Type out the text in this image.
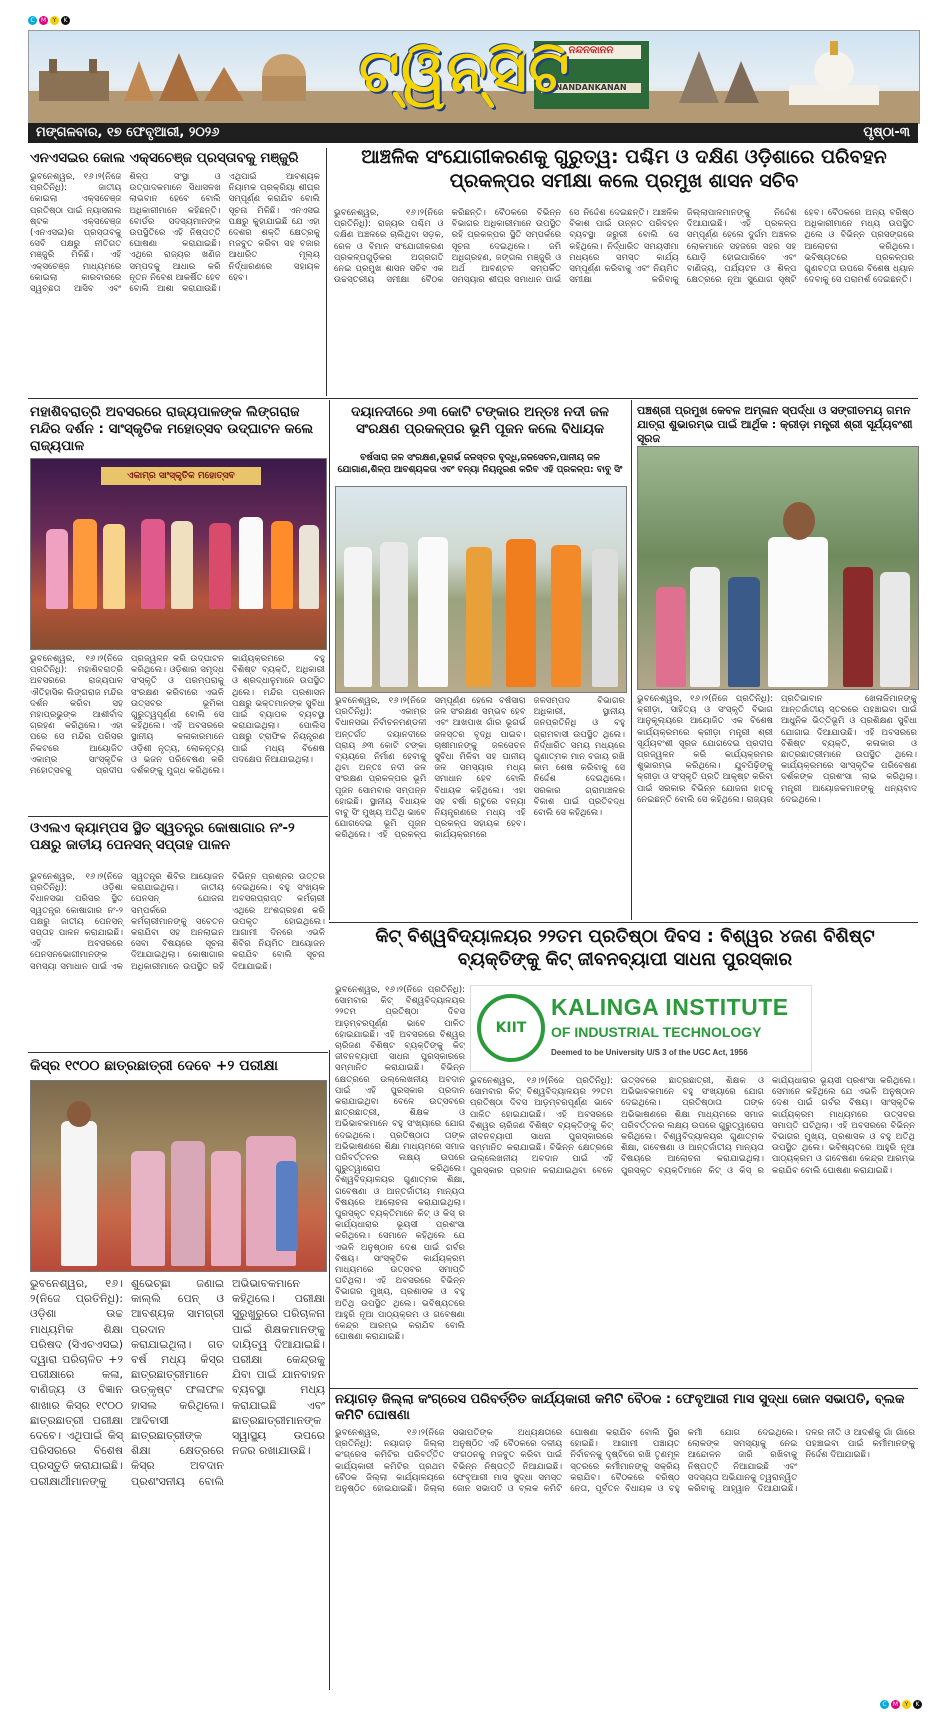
C	M	Y	K
C	M	Y	K
ଟ୍ୱିନ୍‌ସିଟି
ନନ୍ଦନକାନନ
NANDANKANAN
ମଙ୍ଗଳବାର, ୧୭ ଫେବୃଆରୀ, ୨୦୨୬	ପୃଷ୍ଠା-୩
ଏନଏସଇର କୋଲ ଏକ୍ସଚେଞ୍ଜ ପ୍ରସ୍ତାବକୁ ମଞ୍ଜୁରି
ଭୁବନେଶ୍ୱର, ୧୬।୨(ନିଜେ ପ୍ରତିନିଧି): ଜାତୀୟ କୋଇଲା ଏକ୍ସଚେଞ୍ଜ ପ୍ରତିଷ୍ଠା ପାଇଁ ନ୍ୟାସନାଲ ଷ୍ଟକ ଏକ୍ସଚେଞ୍ଜ (ଏନଏସଇ)ର ପ୍ରସ୍ତାବକୁ ସେବି ପକ୍ଷରୁ ନୀତିଗତ ମଞ୍ଜୁରି ମିଳିଛି। ଏହି ଏକ୍ସଚେଞ୍ଜ ମାଧ୍ୟମରେ କୋଇଲା କାରବାରରେ ସ୍ୱଚ୍ଛତା ଆସିବ ଏବଂ ଶିଳ୍ପ ସଂସ୍ଥା ଓ ଉତ୍ପାଦକମାନେ ସିଧାସଳଖ ଲାଭବାନ ହେବେ ବୋଲି ଅଧିକାରୀମାନେ କହିଛନ୍ତି। ବୋର୍ଡର ସଦସ୍ୟମାନଙ୍କ ଉପସ୍ଥିତିରେ ଏହି ନିଷ୍ପତ୍ତି ଘୋଷଣା କରାଯାଇଛି। ଏଥିରେ ରାଜ୍ୟର ଖଣିଜ ସମ୍ପଦକୁ ଆଧାର କରି ନୂତନ ନିବେଶ ଆକର୍ଷିତ ହେବ ବୋଲି ଆଶା କରାଯାଉଛି। ଏଥିପାଇଁ ଆବଶ୍ୟକ ନିୟାମକ ପ୍ରକ୍ରିୟା ଶୀଘ୍ର ସମ୍ପୂର୍ଣ୍ଣ କରାଯିବ ବୋଲି ସୂଚନା ମିଳିଛି। ଏନଏସଇ ପକ୍ଷରୁ କୁହାଯାଇଛି ଯେ ଏହା ଦେଶର ଶକ୍ତି କ୍ଷେତ୍ରକୁ ମଜବୁତ କରିବା ସହ ବଜାର ଆଧାରିତ ମୂଲ୍ୟ ନିର୍ଦ୍ଧାରଣରେ ସହାୟକ ହେବ।
ଆଞ୍ଚଳିକ ସଂଯୋଗୀକରଣକୁ ଗୁରୁତ୍ୱ: ପଶ୍ଚିମ ଓ ଦକ୍ଷିଣ ଓଡ଼ିଶାରେ ପରିବହନ ପ୍ରକଳ୍ପର ସମୀକ୍ଷା କଲେ ପ୍ରମୁଖ ଶାସନ ସଚିବ
ଭୁବନେଶ୍ୱର, ୧୬।୨(ନିଜେ ପ୍ରତିନିଧି): ରାଜ୍ୟର ପଶ୍ଚିମ ଓ ଦକ୍ଷିଣ ଅଞ୍ଚଳରେ ଚାଲିଥିବା ସଡ଼କ, ରେଳ ଓ ବିମାନ ସଂଯୋଗୀକରଣ ପ୍ରକଳ୍ପଗୁଡ଼ିକର ଅଗ୍ରଗତି ନେଇ ପ୍ରମୁଖ ଶାସନ ସଚିବ ଏକ ଉଚ୍ଚସ୍ତରୀୟ ସମୀକ୍ଷା ବୈଠକ କରିଛନ୍ତି। ବୈଠକରେ ବିଭିନ୍ନ ବିଭାଗର ଅଧିକାରୀମାନେ ଉପସ୍ଥିତ ରହି ପ୍ରକଳ୍ପର ସ୍ଥିତି ସମ୍ପର୍କରେ ସୂଚନା ଦେଇଥିଲେ। ଜମି ଅଧିଗ୍ରହଣ, ଜଙ୍ଗଲ ମଞ୍ଜୁରି ଓ ଅର୍ଥ ଆବଣ୍ଟନ ସମ୍ପର୍କିତ ସମସ୍ୟାର ଶୀଘ୍ର ସମାଧାନ ପାଇଁ ସେ ନିର୍ଦ୍ଦେଶ ଦେଇଛନ୍ତି। ଆଞ୍ଚଳିକ ବିକାଶ ପାଇଁ ଉନ୍ନତ ପରିବହନ ବ୍ୟବସ୍ଥା ଜରୁରୀ ବୋଲି ସେ କହିଥିଲେ। ନିର୍ଦ୍ଧାରିତ ସମୟସୀମା ମଧ୍ୟରେ ସମସ୍ତ କାର୍ଯ୍ୟ ସମ୍ପୂର୍ଣ୍ଣ କରିବାକୁ ଏବଂ ନିୟମିତ ସମୀକ୍ଷା କରିବାକୁ ଜିଲ୍ଲାପାଳମାନଙ୍କୁ ନିର୍ଦ୍ଦେଶ ଦିଆଯାଇଛି। ଏହି ପ୍ରକଳ୍ପ ସମ୍ପୂର୍ଣ୍ଣ ହେଲେ ଦୁର୍ଗମ ଅଞ୍ଚଳର ଲୋକମାନେ ସହଜରେ ସହର ସହ ଯୋଡ଼ି ହୋଇପାରିବେ ଏବଂ ବାଣିଜ୍ୟ, ପର୍ଯ୍ୟଟନ ଓ ଶିଳ୍ପ କ୍ଷେତ୍ରରେ ନୂଆ ସୁଯୋଗ ସୃଷ୍ଟି ହେବ। ବୈଠକରେ ଅନ୍ୟ ବରିଷ୍ଠ ଅଧିକାରୀମାନେ ମଧ୍ୟ ଉପସ୍ଥିତ ଥିଲେ ଓ ବିଭିନ୍ନ ପ୍ରସଙ୍ଗରେ ଆଲୋଚନା କରିଥିଲେ। ଭବିଷ୍ୟତରେ ପ୍ରକଳ୍ପର ଗୁଣବତ୍ତା ଉପରେ ବିଶେଷ ଧ୍ୟାନ ଦେବାକୁ ସେ ପରାମର୍ଶ ଦେଇଛନ୍ତି।
ମହାଶିବରାତ୍ରି ଅବସରରେ ରାଜ୍ୟପାଳଙ୍କ ଲିଙ୍ଗରାଜ ମନ୍ଦିର ଦର୍ଶନ : ସାଂସ୍କୃତିକ ମହୋତ୍ସବ ଉଦ୍‌ଘାଟନ କଲେ ରାଜ୍ୟପାଳ
ଏକାମ୍ର ସାଂସ୍କୃତିକ ମହୋତ୍ସବ
ଭୁବନେଶ୍ୱର, ୧୬।୨(ନିଜେ ପ୍ରତିନିଧି): ମହାଶିବରାତ୍ରି ଅବସରରେ ରାଜ୍ୟପାଳ ଐତିହାସିକ ଲିଙ୍ଗରାଜ ମନ୍ଦିର ଦର୍ଶନ କରିବା ସହ ମହାପ୍ରଭୁଙ୍କ ଆଶୀର୍ବାଦ ଗ୍ରହଣ କରିଥିଲେ। ଏହା ପରେ ସେ ମନ୍ଦିର ପରିସର ନିକଟରେ ଆୟୋଜିତ ଏକାମ୍ର ସାଂସ୍କୃତିକ ମହୋତ୍ସବକୁ ପ୍ରଦୀପ ପ୍ରଜ୍ୱଳନ କରି ଉଦ୍‌ଘାଟନ କରିଥିଲେ। ଓଡ଼ିଶାର ସମୃଦ୍ଧ ସଂସ୍କୃତି ଓ ପରମ୍ପରାକୁ ସଂରକ୍ଷଣ କରିବାରେ ଏଭଳି ଉତ୍ସବର ଭୂମିକା ଗୁରୁତ୍ୱପୂର୍ଣ୍ଣ ବୋଲି ସେ କହିଥିଲେ। ଏହି ଅବସରରେ ସ୍ଥାନୀୟ କଳାକାରମାନେ ଓଡ଼ିଶୀ ନୃତ୍ୟ, ଲୋକନୃତ୍ୟ ଓ ଭଜନ ପରିବେଷଣ କରି ଦର୍ଶକଙ୍କୁ ମୁଗ୍ଧ କରିଥିଲେ। କାର୍ଯ୍ୟକ୍ରମରେ ବହୁ ବିଶିଷ୍ଟ ବ୍ୟକ୍ତି, ଅଧିକାରୀ ଓ ଶ୍ରଦ୍ଧାଳୁମାନେ ଉପସ୍ଥିତ ଥିଲେ। ମନ୍ଦିର ପ୍ରଶାସନ ପକ୍ଷରୁ ଭକ୍ତମାନଙ୍କ ସୁବିଧା ପାଇଁ ବ୍ୟାପକ ବ୍ୟବସ୍ଥା କରାଯାଇଥିଲା। ପୋଲିସ ପକ୍ଷରୁ ଟ୍ରାଫିକ ନିୟନ୍ତ୍ରଣ ପାଇଁ ମଧ୍ୟ ବିଶେଷ ପଦକ୍ଷେପ ନିଆଯାଇଥିଲା।
ଦୟାନଦୀରେ ୬୩ କୋଟି ଟଙ୍କାର ଅନ୍ତଃ ନଦୀ ଜଳ ସଂରକ୍ଷଣ ପ୍ରକଳ୍ପର ଭୂମି ପୂଜନ କଲେ ବିଧାୟକ
ବର୍ଷସାରା ଜଳ ସଂରକ୍ଷଣ,ଭୂଗର୍ଭ ଜଳସ୍ତର ବୃଦ୍ଧି,ଜଳସେଚନ,ପାନୀୟ ଜଳ ଯୋଗାଣ,ଶିଳ୍ପ ଆବଶ୍ୟକତା ଏବଂ ବନ୍ୟା ନିୟନ୍ତ୍ରଣ କରିବ ଏହି ପ୍ରକଳ୍ପ: ବାବୁ ସିଂ
ଭୁବନେଶ୍ୱର, ୧୬।୨(ନିଜେ ପ୍ରତିନିଧି): ଏକାମ୍ର ବିଧାନସଭା ନିର୍ବାଚନମଣ୍ଡଳୀ ଅନ୍ତର୍ଗତ ଦୟାନଦୀରେ ପ୍ରାୟ ୬୩ କୋଟି ଟଙ୍କା ବ୍ୟୟରେ ନିର୍ମାଣ ହେବାକୁ ଥିବା ଅନ୍ତଃ ନଦୀ ଜଳ ସଂରକ୍ଷଣ ପ୍ରକଳ୍ପର ଭୂମି ପୂଜନ ସୋମବାର ସମ୍ପନ୍ନ ହୋଇଛି। ସ୍ଥାନୀୟ ବିଧାୟକ ବାବୁ ସିଂ ମୁଖ୍ୟ ଅତିଥି ଭାବେ ଯୋଗଦେଇ ଭୂମି ପୂଜନ କରିଥିଲେ। ଏହି ପ୍ରକଳ୍ପ ସମ୍ପୂର୍ଣ୍ଣ ହେଲେ ବର୍ଷସାରା ଜଳ ସଂରକ୍ଷଣ ସମ୍ଭବ ହେବ ଏବଂ ଆଖପାଖ ଗାଁର ଭୂଗର୍ଭ ଜଳସ୍ତର ବୃଦ୍ଧି ପାଇବ। ଚାଷୀମାନଙ୍କୁ ଜଳସେଚନ ସୁବିଧା ମିଳିବା ସହ ପାନୀୟ ଜଳ ସମସ୍ୟାର ମଧ୍ୟ ସମାଧାନ ହେବ ବୋଲି ବିଧାୟକ କହିଥିଲେ। ଏହା ସହ ବର୍ଷା ଋତୁରେ ବନ୍ୟା ନିୟନ୍ତ୍ରଣରେ ମଧ୍ୟ ଏହି ପ୍ରକଳ୍ପ ସହାୟକ ହେବ। କାର୍ଯ୍ୟକ୍ରମରେ ଜଳସମ୍ପଦ ବିଭାଗର ଅଧିକାରୀ, ସ୍ଥାନୀୟ ଜନପ୍ରତିନିଧି ଓ ବହୁ ଗ୍ରାମବାସୀ ଉପସ୍ଥିତ ଥିଲେ। ନିର୍ଦ୍ଧାରିତ ସମୟ ମଧ୍ୟରେ ଗୁଣାତ୍ମକ ମାନ ବଜାୟ ରଖି କାମ ଶେଷ କରିବାକୁ ସେ ନିର୍ଦ୍ଦେଶ ଦେଇଥିଲେ। ସରକାର ଗ୍ରାମାଞ୍ଚଳର ବିକାଶ ପାଇଁ ପ୍ରତିବଦ୍ଧ ବୋଲି ସେ କହିଥିଲେ।
ପଞ୍ଚଶ୍ରୀ ପ୍ରମୁଖ କେବଳ ଅମ୍ଳାନ ସ୍ପର୍ଦ୍ଧା ଓ ସଙ୍ଗୀତମୟ ଗମନ ଯାତ୍ରା ଶୁଭାରମ୍ଭ ପାଇଁ ଆର୍ଥିକ : କ୍ରୀଡ଼ା ମନ୍ତ୍ରୀ ଶ୍ରୀ ସୂର୍ଯ୍ୟବଂଶୀ ସୂରଜ
ଭୁବନେଶ୍ୱର, ୧୬।୨(ନିଜେ ପ୍ରତିନିଧି): କ୍ରୀଡ଼ା, ସାହିତ୍ୟ ଓ ସଂସ୍କୃତି ବିଭାଗ ଆନୁକୂଲ୍ୟରେ ଆୟୋଜିତ ଏକ ବିଶେଷ କାର୍ଯ୍ୟକ୍ରମରେ କ୍ରୀଡ଼ା ମନ୍ତ୍ରୀ ଶ୍ରୀ ସୂର୍ଯ୍ୟବଂଶୀ ସୂରଜ ଯୋଗଦେଇ ପ୍ରଦୀପ ପ୍ରଜ୍ୱଳନ କରି କାର୍ଯ୍ୟକ୍ରମର ଶୁଭାରମ୍ଭ କରିଥିଲେ। ଯୁବପିଢ଼ିଙ୍କୁ କ୍ରୀଡ଼ା ଓ ସଂସ୍କୃତି ପ୍ରତି ଆକୃଷ୍ଟ କରିବା ପାଇଁ ସରକାର ବିଭିନ୍ନ ଯୋଜନା ହାତକୁ ନେଇଛନ୍ତି ବୋଲି ସେ କହିଥିଲେ। ରାଜ୍ୟର ପ୍ରତିଭାବାନ ଖେଳାଳିମାନଙ୍କୁ ଆନ୍ତର୍ଜାତୀୟ ସ୍ତରରେ ପହଞ୍ଚାଇବା ପାଇଁ ଆଧୁନିକ ଭିତ୍ତିଭୂମି ଓ ପ୍ରଶିକ୍ଷଣ ସୁବିଧା ଯୋଗାଇ ଦିଆଯାଉଛି। ଏହି ଅବସରରେ ବିଶିଷ୍ଟ ବ୍ୟକ୍ତି, କଳାକାର ଓ ଛାତ୍ରଛାତ୍ରୀମାନେ ଉପସ୍ଥିତ ଥିଲେ। କାର୍ଯ୍ୟକ୍ରମରେ ସାଂସ୍କୃତିକ ପରିବେଷଣ ଦର୍ଶକଙ୍କ ପ୍ରଶଂସା ଲାଭ କରିଥିଲା। ମନ୍ତ୍ରୀ ଆୟୋଜକମାନଙ୍କୁ ଧନ୍ୟବାଦ ଦେଇଥିଲେ।
ଓଏଲଏ କ୍ୟାମ୍ପସ ସ୍ଥିତ ସ୍ୱତନ୍ତ୍ର କୋଷାଗାର ନଂ-୨ ପକ୍ଷରୁ ଜାତୀୟ ପେନସନ୍ ସପ୍ତାହ ପାଳନ
ଭୁବନେଶ୍ୱର, ୧୬।୨(ନିଜେ ପ୍ରତିନିଧି): ଓଡ଼ିଶା ବିଧାନସଭା ପରିସର ସ୍ଥିତ ସ୍ୱତନ୍ତ୍ର କୋଷାଗାର ନଂ-୨ ପକ୍ଷରୁ ଜାତୀୟ ପେନସନ୍ ସପ୍ତାହ ପାଳନ କରାଯାଇଛି। ଏହି ଅବସରରେ ପେନସନଭୋଗୀମାନଙ୍କ ସମସ୍ୟା ସମାଧାନ ପାଇଁ ଏକ ସ୍ୱତନ୍ତ୍ର ଶିବିର ଆୟୋଜନ କରାଯାଇଥିଲା। ଜାତୀୟ ପେନସନ୍ ଯୋଜନା ସମ୍ପର୍କରେ କର୍ମଚାରୀମାନଙ୍କୁ ସଚେତନ କରାଯିବା ସହ ଅନଲାଇନ ସେବା ବିଷୟରେ ସୂଚନା ଦିଆଯାଇଥିଲା। କୋଷାଗାର ଅଧିକାରୀମାନେ ଉପସ୍ଥିତ ରହି ବିଭିନ୍ନ ପ୍ରଶ୍ନର ଉତ୍ତର ଦେଇଥିଲେ। ବହୁ ସଂଖ୍ୟକ ଅବସରପ୍ରାପ୍ତ କର୍ମଚାରୀ ଏଥିରେ ଅଂଶଗ୍ରହଣ କରି ଉପକୃତ ହୋଇଥିଲେ। ଆଗାମୀ ଦିନରେ ଏଭଳି ଶିବିର ନିୟମିତ ଆୟୋଜନ କରାଯିବ ବୋଲି ସୂଚନା ଦିଆଯାଇଛି।
କିଟ୍ ବିଶ୍ୱବିଦ୍ୟାଳୟର ୨୨ତମ ପ୍ରତିଷ୍ଠା ଦିବସ : ବିଶ୍ୱର ୪ଜଣ ବିଶିଷ୍ଟ ବ୍ୟକ୍ତିଙ୍କୁ କିଟ୍ ଜୀବନବ୍ୟାପୀ ସାଧନା ପୁରସ୍କାର
KIIT
KALINGA INSTITUTE
OF INDUSTRIAL TECHNOLOGY
Deemed to be University U/S 3 of the UGC Act, 1956
ଭୁବନେଶ୍ୱର, ୧୬।୨(ନିଜେ ପ୍ରତିନିଧି): ସୋମବାର କିଟ୍ ବିଶ୍ୱବିଦ୍ୟାଳୟର ୨୨ତମ ପ୍ରତିଷ୍ଠା ଦିବସ ଆଡ଼ମ୍ବରପୂର୍ଣ୍ଣ ଭାବେ ପାଳିତ ହୋଇଯାଇଛି। ଏହି ଅବସରରେ ବିଶ୍ୱର ଚାରିଜଣ ବିଶିଷ୍ଟ ବ୍ୟକ୍ତିଙ୍କୁ କିଟ୍ ଜୀବନବ୍ୟାପୀ ସାଧନା ପୁରସ୍କାରରେ ସମ୍ମାନିତ କରାଯାଇଛି। ବିଭିନ୍ନ କ୍ଷେତ୍ରରେ ଉଲ୍ଲେଖନୀୟ ଅବଦାନ ପାଇଁ ଏହି ପୁରସ୍କାର ପ୍ରଦାନ କରାଯାଇଥିବା ବେଳେ ଉତ୍ସବରେ ଛାତ୍ରଛାତ୍ରୀ, ଶିକ୍ଷକ ଓ ଅଭିଭାବକମାନେ ବହୁ ସଂଖ୍ୟାରେ ଯୋଗ ଦେଇଥିଲେ। ପ୍ରତିଷ୍ଠାତା ତାଙ୍କ ଅଭିଭାଷଣରେ ଶିକ୍ଷା ମାଧ୍ୟମରେ ସମାଜ ପରିବର୍ତ୍ତନର ଲକ୍ଷ୍ୟ ଉପରେ ଗୁରୁତ୍ୱାରୋପ କରିଥିଲେ। ବିଶ୍ୱବିଦ୍ୟାଳୟର ଗୁଣାତ୍ମକ ଶିକ୍ଷା, ଗବେଷଣା ଓ ଆନ୍ତର୍ଜାତୀୟ ମାନ୍ୟତା ବିଷୟରେ ଆଲୋଚନା କରାଯାଇଥିଲା। ପୁରସ୍କୃତ ବ୍ୟକ୍ତିମାନେ କିଟ୍ ଓ କିସ୍ ର କାର୍ଯ୍ୟଧାରାର ଭୂୟସୀ ପ୍ରଶଂସା କରିଥିଲେ। ସେମାନେ କହିଥିଲେ ଯେ ଏଭଳି ଅନୁଷ୍ଠାନ ଦେଶ ପାଇଁ ଗର୍ବର ବିଷୟ। ସାଂସ୍କୃତିକ କାର୍ଯ୍ୟକ୍ରମ ମାଧ୍ୟମରେ ଉତ୍ସବର ସମାପ୍ତି ଘଟିଥିଲା। ଏହି ଅବସରରେ ବିଭିନ୍ନ ବିଭାଗର ମୁଖ୍ୟ, ପ୍ରଶାସକ ଓ ବହୁ ଅତିଥି ଉପସ୍ଥିତ ଥିଲେ। ଭବିଷ୍ୟତରେ ଆହୁରି ନୂଆ ପାଠ୍ୟକ୍ରମ ଓ ଗବେଷଣା କେନ୍ଦ୍ର ଆରମ୍ଭ କରାଯିବ ବୋଲି ଘୋଷଣା କରାଯାଇଛି।
ଭୁବନେଶ୍ୱର, ୧୬।୨(ନିଜେ ପ୍ରତିନିଧି): ସୋମବାର କିଟ୍ ବିଶ୍ୱବିଦ୍ୟାଳୟର ୨୨ତମ ପ୍ରତିଷ୍ଠା ଦିବସ ଆଡ଼ମ୍ବରପୂର୍ଣ୍ଣ ଭାବେ ପାଳିତ ହୋଇଯାଇଛି। ଏହି ଅବସରରେ ବିଶ୍ୱର ଚାରିଜଣ ବିଶିଷ୍ଟ ବ୍ୟକ୍ତିଙ୍କୁ କିଟ୍ ଜୀବନବ୍ୟାପୀ ସାଧନା ପୁରସ୍କାରରେ ସମ୍ମାନିତ କରାଯାଇଛି। ବିଭିନ୍ନ କ୍ଷେତ୍ରରେ ଉଲ୍ଲେଖନୀୟ ଅବଦାନ ପାଇଁ ଏହି ପୁରସ୍କାର ପ୍ରଦାନ କରାଯାଇଥିବା ବେଳେ ଉତ୍ସବରେ ଛାତ୍ରଛାତ୍ରୀ, ଶିକ୍ଷକ ଓ ଅଭିଭାବକମାନେ ବହୁ ସଂଖ୍ୟାରେ ଯୋଗ ଦେଇଥିଲେ। ପ୍ରତିଷ୍ଠାତା ତାଙ୍କ ଅଭିଭାଷଣରେ ଶିକ୍ଷା ମାଧ୍ୟମରେ ସମାଜ ପରିବର୍ତ୍ତନର ଲକ୍ଷ୍ୟ ଉପରେ ଗୁରୁତ୍ୱାରୋପ କରିଥିଲେ। ବିଶ୍ୱବିଦ୍ୟାଳୟର ଗୁଣାତ୍ମକ ଶିକ୍ଷା, ଗବେଷଣା ଓ ଆନ୍ତର୍ଜାତୀୟ ମାନ୍ୟତା ବିଷୟରେ ଆଲୋଚନା କରାଯାଇଥିଲା। ପୁରସ୍କୃତ ବ୍ୟକ୍ତିମାନେ କିଟ୍ ଓ କିସ୍ ର କାର୍ଯ୍ୟଧାରାର ଭୂୟସୀ ପ୍ରଶଂସା କରିଥିଲେ। ସେମାନେ କହିଥିଲେ ଯେ ଏଭଳି ଅନୁଷ୍ଠାନ ଦେଶ ପାଇଁ ଗର୍ବର ବିଷୟ। ସାଂସ୍କୃତିକ କାର୍ଯ୍ୟକ୍ରମ ମାଧ୍ୟମରେ ଉତ୍ସବର ସମାପ୍ତି ଘଟିଥିଲା। ଏହି ଅବସରରେ ବିଭିନ୍ନ ବିଭାଗର ମୁଖ୍ୟ, ପ୍ରଶାସକ ଓ ବହୁ ଅତିଥି ଉପସ୍ଥିତ ଥିଲେ। ଭବିଷ୍ୟତରେ ଆହୁରି ନୂଆ ପାଠ୍ୟକ୍ରମ ଓ ଗବେଷଣା କେନ୍ଦ୍ର ଆରମ୍ଭ କରାଯିବ ବୋଲି ଘୋଷଣା କରାଯାଇଛି।
କିସ୍‌ର ୧୯୦୦ ଛାତ୍ରଛାତ୍ରୀ ଦେବେ +୨ ପରୀକ୍ଷା
ଭୁବନେଶ୍ୱର, ୧୬।୨(ନିଜେ ପ୍ରତିନିଧି): ଓଡ଼ିଶା ଉଚ୍ଚ ମାଧ୍ୟମିକ ଶିକ୍ଷା ପରିଷଦ (ସିଏଚଏସଇ) ଦ୍ୱାରା ପରିଚାଳିତ +୨ ପରୀକ୍ଷାରେ କଳା, ବାଣିଜ୍ୟ ଓ ବିଜ୍ଞାନ ଶାଖାର କିସ୍‌ର ୧୯୦୦ ଛାତ୍ରଛାତ୍ରୀ ପରୀକ୍ଷା ଦେବେ। ଏଥିପାଇଁ କିସ୍ ପରିସରରେ ବିଶେଷ ପ୍ରସ୍ତୁତି କରାଯାଇଛି। ପରୀକ୍ଷାର୍ଥୀମାନଙ୍କୁ ଶୁଭେଚ୍ଛା ଜଣାଇ କାଲ୍ଲି ପେନ୍ ଓ ଆବଶ୍ୟକ ସାମଗ୍ରୀ ପ୍ରଦାନ କରାଯାଇଥିଲା। ଗତ ବର୍ଷ ମଧ୍ୟ କିସ୍‌ର ଛାତ୍ରଛାତ୍ରୀମାନେ ଉତ୍କୃଷ୍ଟ ଫଳାଫଳ ହାସଲ କରିଥିଲେ। ଆଦିବାସୀ ଛାତ୍ରଛାତ୍ରୀଙ୍କ ଶିକ୍ଷା କ୍ଷେତ୍ରରେ କିସ୍‌ର ଅବଦାନ ପ୍ରଶଂସନୀୟ ବୋଲି ଅଭିଭାବକମାନେ କହିଥିଲେ। ପରୀକ୍ଷା ସୁରୁଖୁରୁରେ ପରିଚାଳନା ପାଇଁ ଶିକ୍ଷକମାନଙ୍କୁ ଦାୟିତ୍ୱ ଦିଆଯାଇଛି। ପରୀକ୍ଷା କେନ୍ଦ୍ରକୁ ଯିବା ପାଇଁ ଯାନବାହନ ବ୍ୟବସ୍ଥା ମଧ୍ୟ କରାଯାଇଛି ଏବଂ ଛାତ୍ରଛାତ୍ରୀମାନଙ୍କ ସ୍ୱାସ୍ଥ୍ୟ ଉପରେ ନଜର ରଖାଯାଉଛି।
ନୟାଗଡ଼ ଜିଲ୍ଲା କଂଗ୍ରେସ ପରିବର୍ତ୍ତିତ କାର୍ଯ୍ୟକାରୀ କମିଟି ବୈଠକ : ଫେବୃଆରୀ ମାସ ସୁଦ୍ଧା ଜୋନ ସଭାପତି, ବ୍ଲକ କମିଟି ଘୋଷଣା
ଭୁବନେଶ୍ୱର, ୧୬।୨(ନିଜେ ପ୍ରତିନିଧି): ନୟାଗଡ଼ ଜିଲ୍ଲା କଂଗ୍ରେସ କମିଟିର ପରିବର୍ତ୍ତିତ କାର୍ଯ୍ୟକାରୀ କମିଟିର ପ୍ରଥମ ବୈଠକ ଜିଲ୍ଲା କାର୍ଯ୍ୟାଳୟରେ ଅନୁଷ୍ଠିତ ହୋଇଯାଇଛି। ଜିଲ୍ଲା ସଭାପତିଙ୍କ ଅଧ୍ୟକ୍ଷତାରେ ଅନୁଷ୍ଠିତ ଏହି ବୈଠକରେ ଦଳୀୟ ସଂଗଠନକୁ ମଜବୁତ କରିବା ପାଇଁ ବିଭିନ୍ନ ନିଷ୍ପତ୍ତି ନିଆଯାଇଛି। ଫେବୃଆରୀ ମାସ ସୁଦ୍ଧା ସମସ୍ତ ଜୋନ ସଭାପତି ଓ ବ୍ଲକ କମିଟି ଘୋଷଣା କରାଯିବ ବୋଲି ସ୍ଥିର ହୋଇଛି। ଆଗାମୀ ପଞ୍ଚାୟତ ନିର୍ବାଚନକୁ ଦୃଷ୍ଟିରେ ରଖି ତୃଣମୂଳ ସ୍ତରରେ କର୍ମୀମାନଙ୍କୁ ସକ୍ରିୟ କରାଯିବ। ବୈଠକରେ ବରିଷ୍ଠ ନେତା, ପୂର୍ବତନ ବିଧାୟକ ଓ ବହୁ କର୍ମୀ ଯୋଗ ଦେଇଥିଲେ। ଲୋକଙ୍କ ସମସ୍ୟାକୁ ନେଇ ଆନ୍ଦୋଳନ ଜାରି ରଖିବାକୁ ନିଷ୍ପତ୍ତି ନିଆଯାଇଛି ଏବଂ ସଦସ୍ୟତା ଅଭିଯାନକୁ ତ୍ୱରାନ୍ୱିତ କରିବାକୁ ଆହ୍ୱାନ ଦିଆଯାଇଛି। ଦଳର ନୀତି ଓ ଆଦର୍ଶକୁ ଗାଁ ଗାଁରେ ପହଞ୍ଚାଇବା ପାଇଁ କର୍ମୀମାନଙ୍କୁ ନିର୍ଦ୍ଦେଶ ଦିଆଯାଇଛି।
